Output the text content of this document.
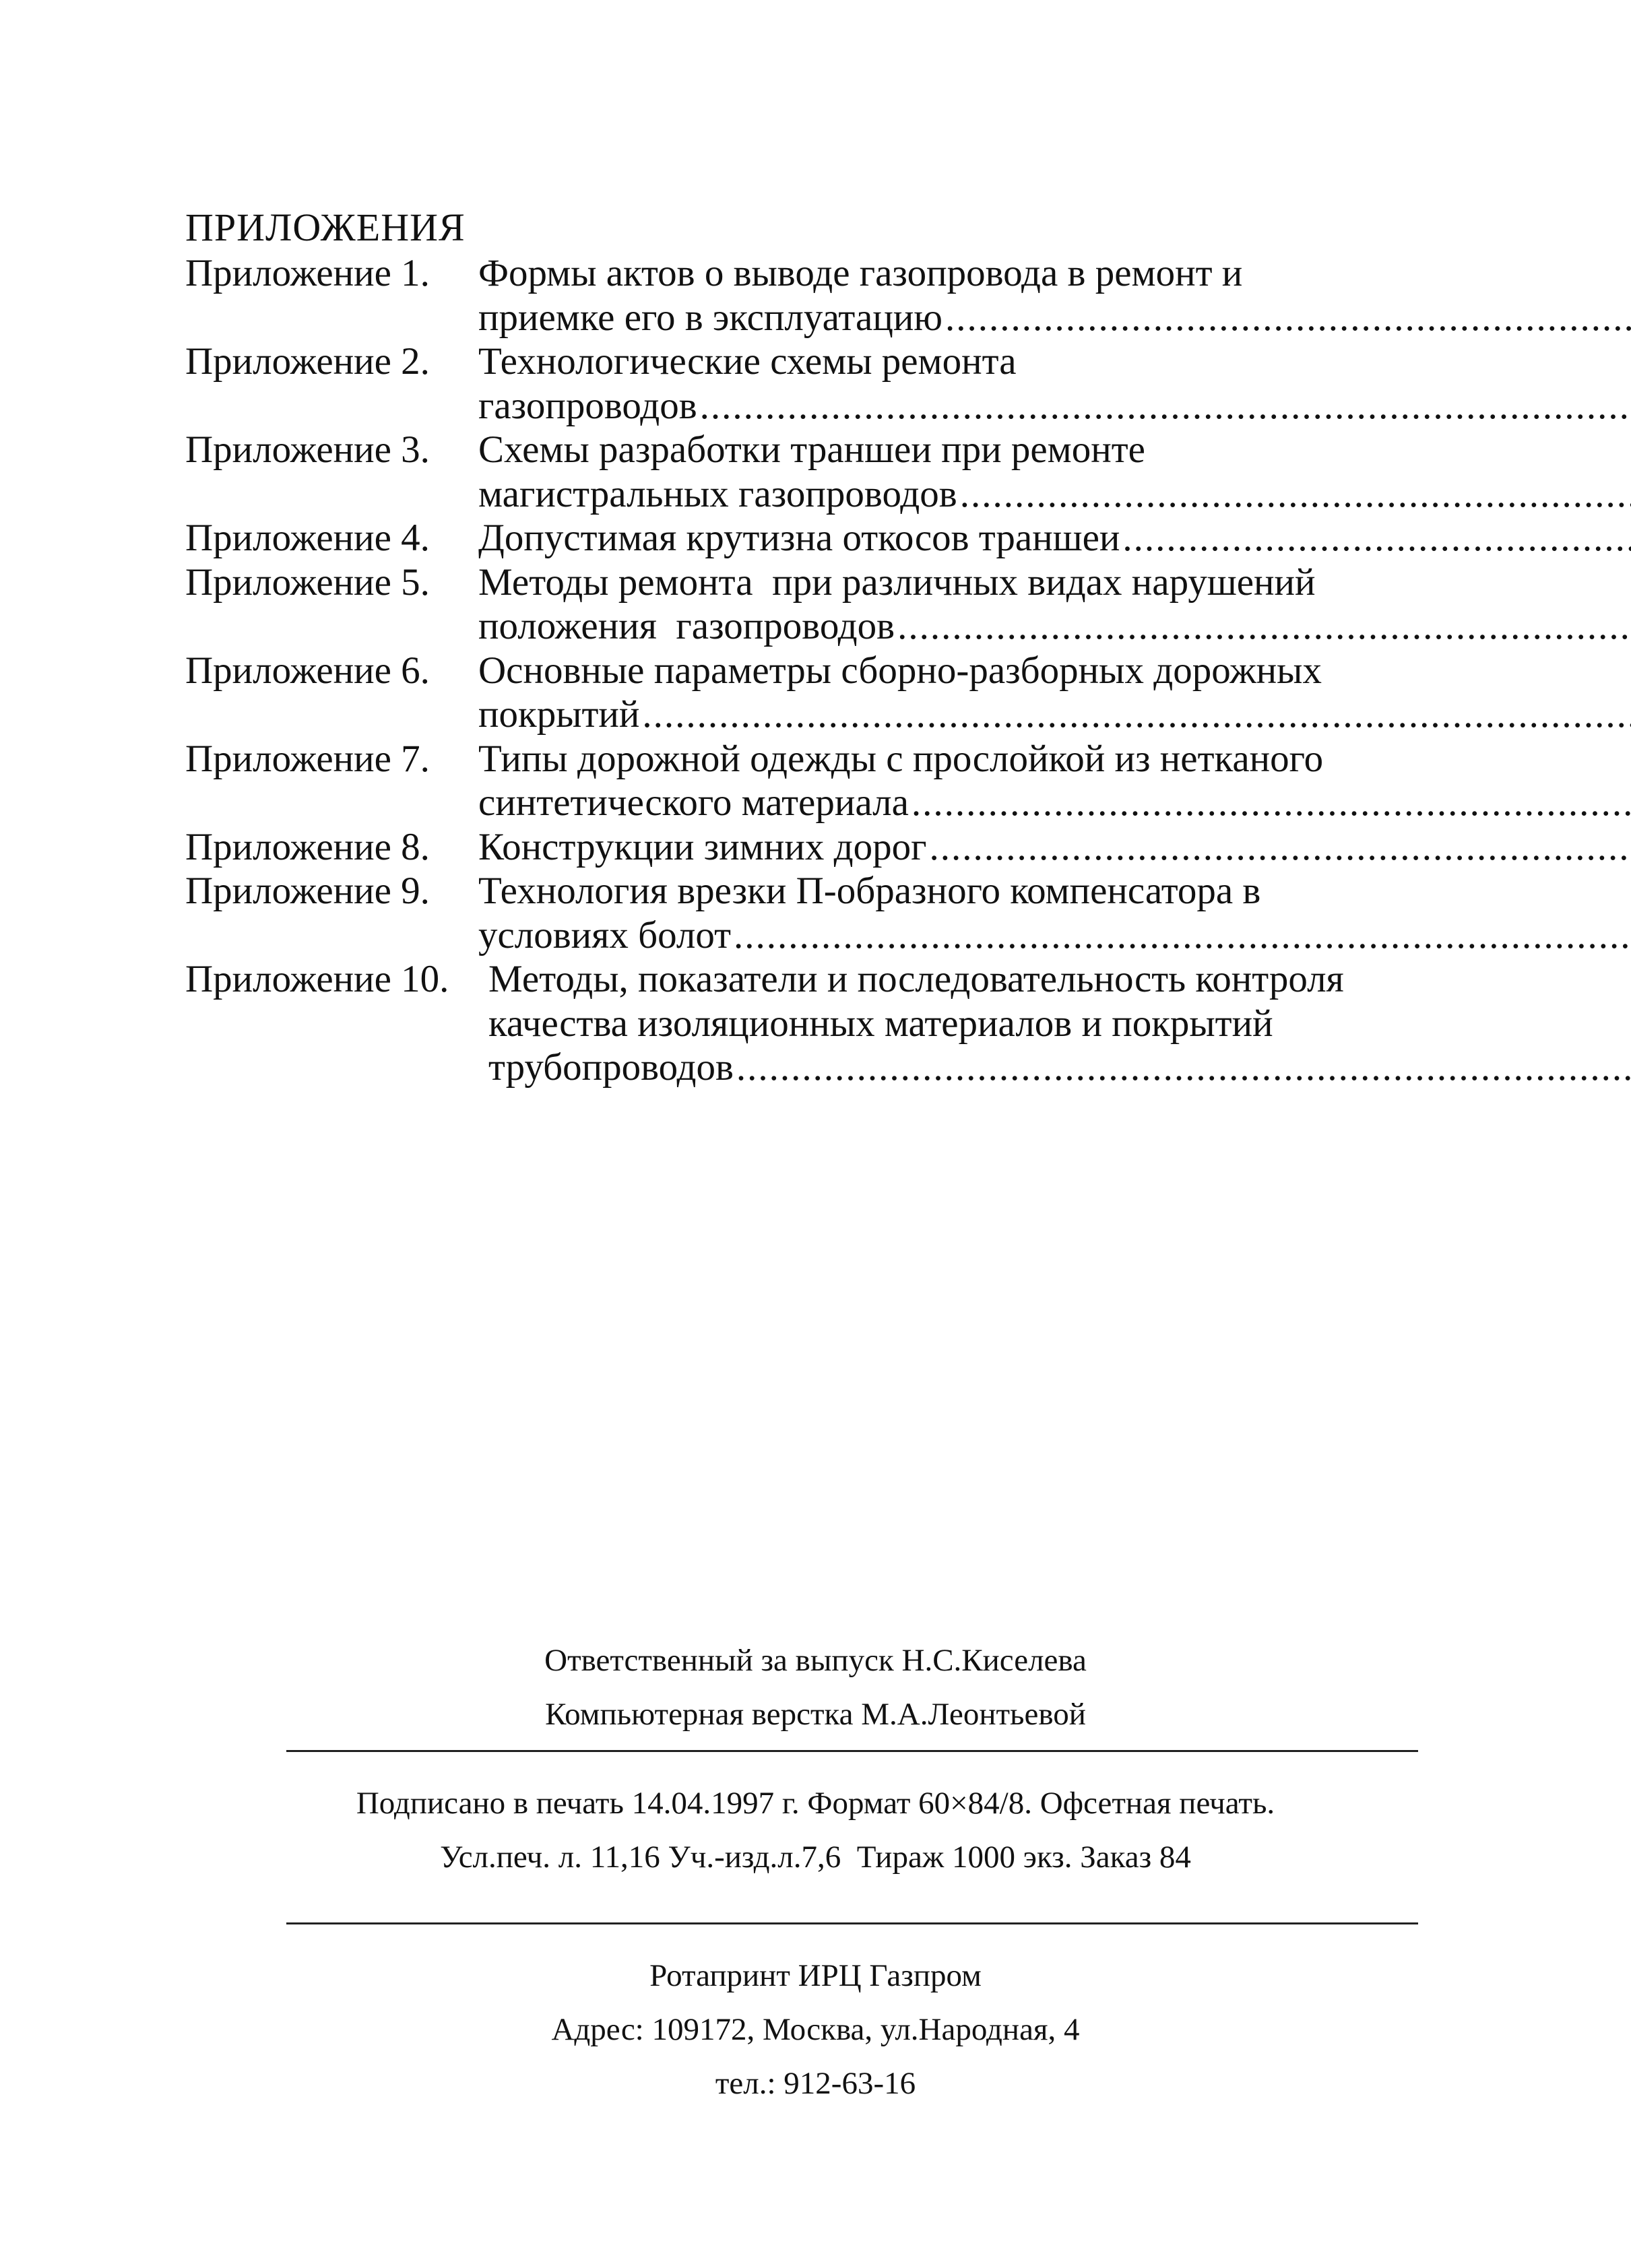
ПРИЛОЖЕНИЯ
Приложение 1.	Формы актов о выводе газопровода в ремонт и
приемке его в эксплуатацию
.....
Приложение 2.	Технологические схемы ремонта
газопроводов
.....
Приложение 3.	Схемы разработки траншеи при ремонте
магистральных газопроводов
.....
Приложение 4.	Допустимая крутизна откосов траншеи
.....
Приложение 5.	Методы ремонта  при различных видах нарушений
положения  газопроводов
.....
Приложение 6.	Основные параметры сборно-разборных дорожных
покрытий
.....
Приложение 7.	Типы дорожной одежды с прослойкой из нетканого
синтетического материала
.....
Приложение 8.	Конструкции зимних дорог
.....
Приложение 9.	Технология врезки П-образного компенсатора в
условиях болот
.....
Приложение 10.	Методы, показатели и последовательность контроля
качества изоляционных материалов и покрытий
трубопроводов
.....
Ответственный за выпуск Н.С.Киселева
Компьютерная верстка М.А.Леонтьевой
Подписано в печать 14.04.1997 г. Формат 60×84/8. Офсетная печать.
Усл.печ. л. 11,16 Уч.-изд.л.7,6  Тираж 1000 экз. Заказ 84
Ротапринт ИРЦ Газпром
Адрес: 109172, Москва, ул.Народная, 4
тел.: 912-63-16
